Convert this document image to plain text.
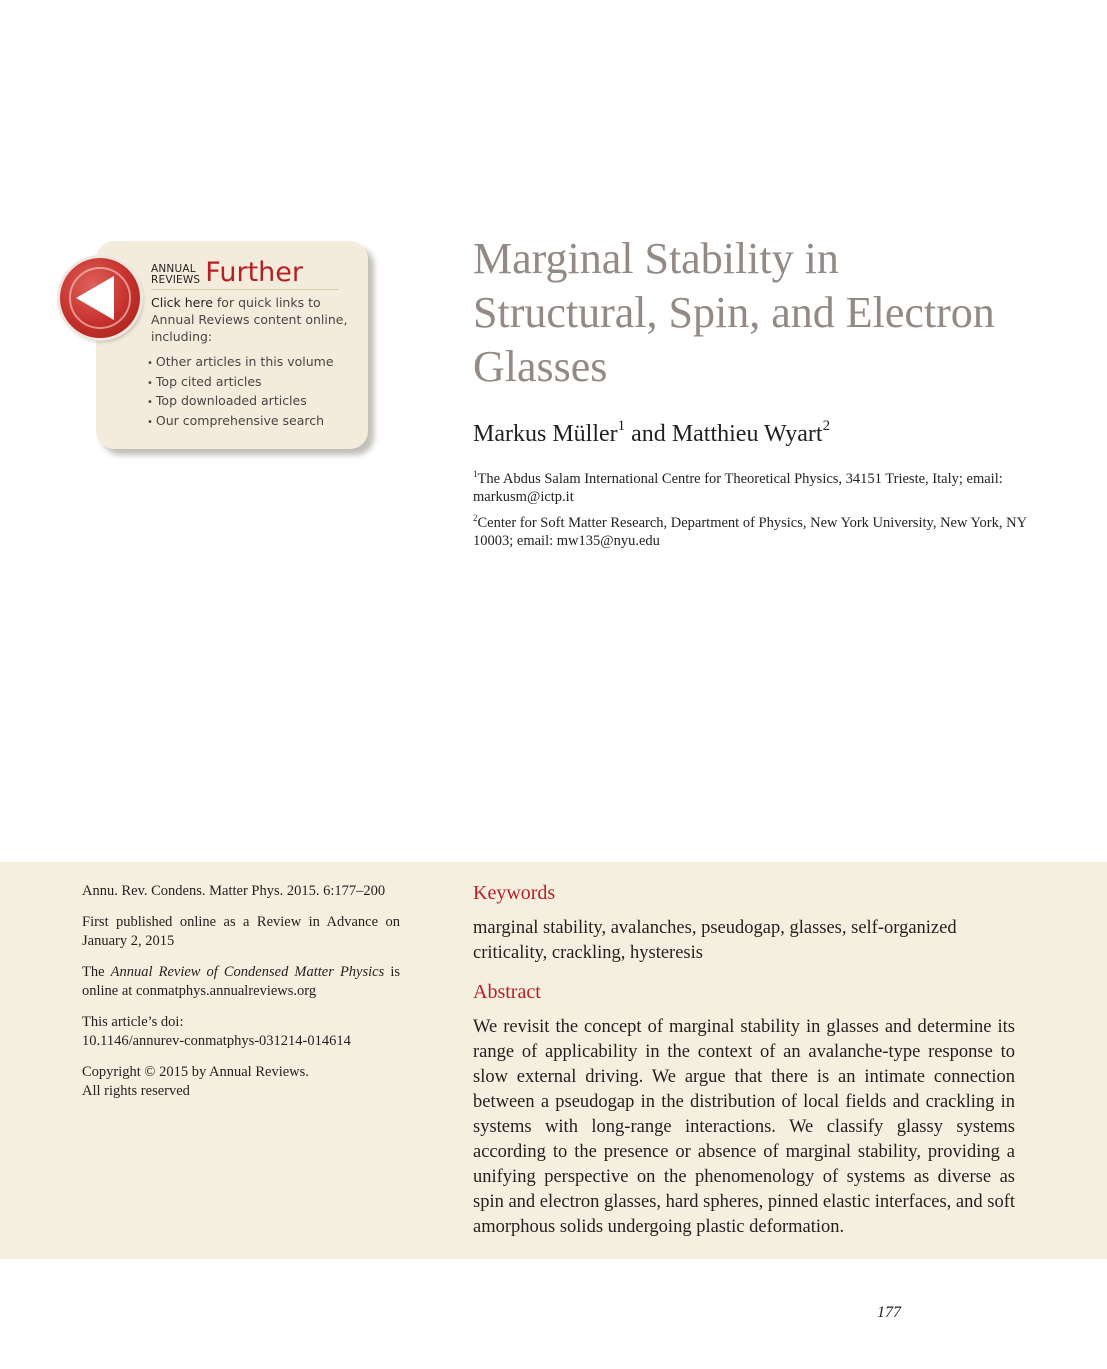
ANNUAL
REVIEWS Further
Click here for quick links to Annual Reviews content online, including:
• Other articles in this volume
• Top cited articles
• Top downloaded articles
• Our comprehensive search
Marginal Stability in
Structural, Spin, and Electron
Glasses
Markus Müller$^1$ and Matthieu Wyart$^2$
$^1$The Abdus Salam International Centre for Theoretical Physics, 34151 Trieste, Italy; email: markusm@ictp.it
$^2$Center for Soft Matter Research, Department of Physics, New York University, New York, NY 10003; email: mw135@nyu.edu

Annu. Rev. Condens. Matter Phys. 2015. 6:177–200

First published online as a Review in Advance on January 2, 2015

The Annual Review of Condensed Matter Physics is online at conmatphys.annualreviews.org

This article’s doi:
10.1146/annurev-conmatphys-031214-014614

Copyright © 2015 by Annual Reviews.
All rights reserved

Keywords
marginal stability, avalanches, pseudogap, glasses, self-organized criticality, crackling, hysteresis
Abstract
We revisit the concept of marginal stability in glasses and determine its range of applicability in the context of an avalanche-type response to slow external driving. We argue that there is an intimate connection between a pseudogap in the distribution of local fields and crackling in systems with long-range interactions. We classify glassy systems according to the presence or absence of marginal stability, providing a unifying perspective on the phenomenology of systems as diverse as spin and electron glasses, hard spheres, pinned elastic interfaces, and soft amorphous solids undergoing plastic deformation.
177
